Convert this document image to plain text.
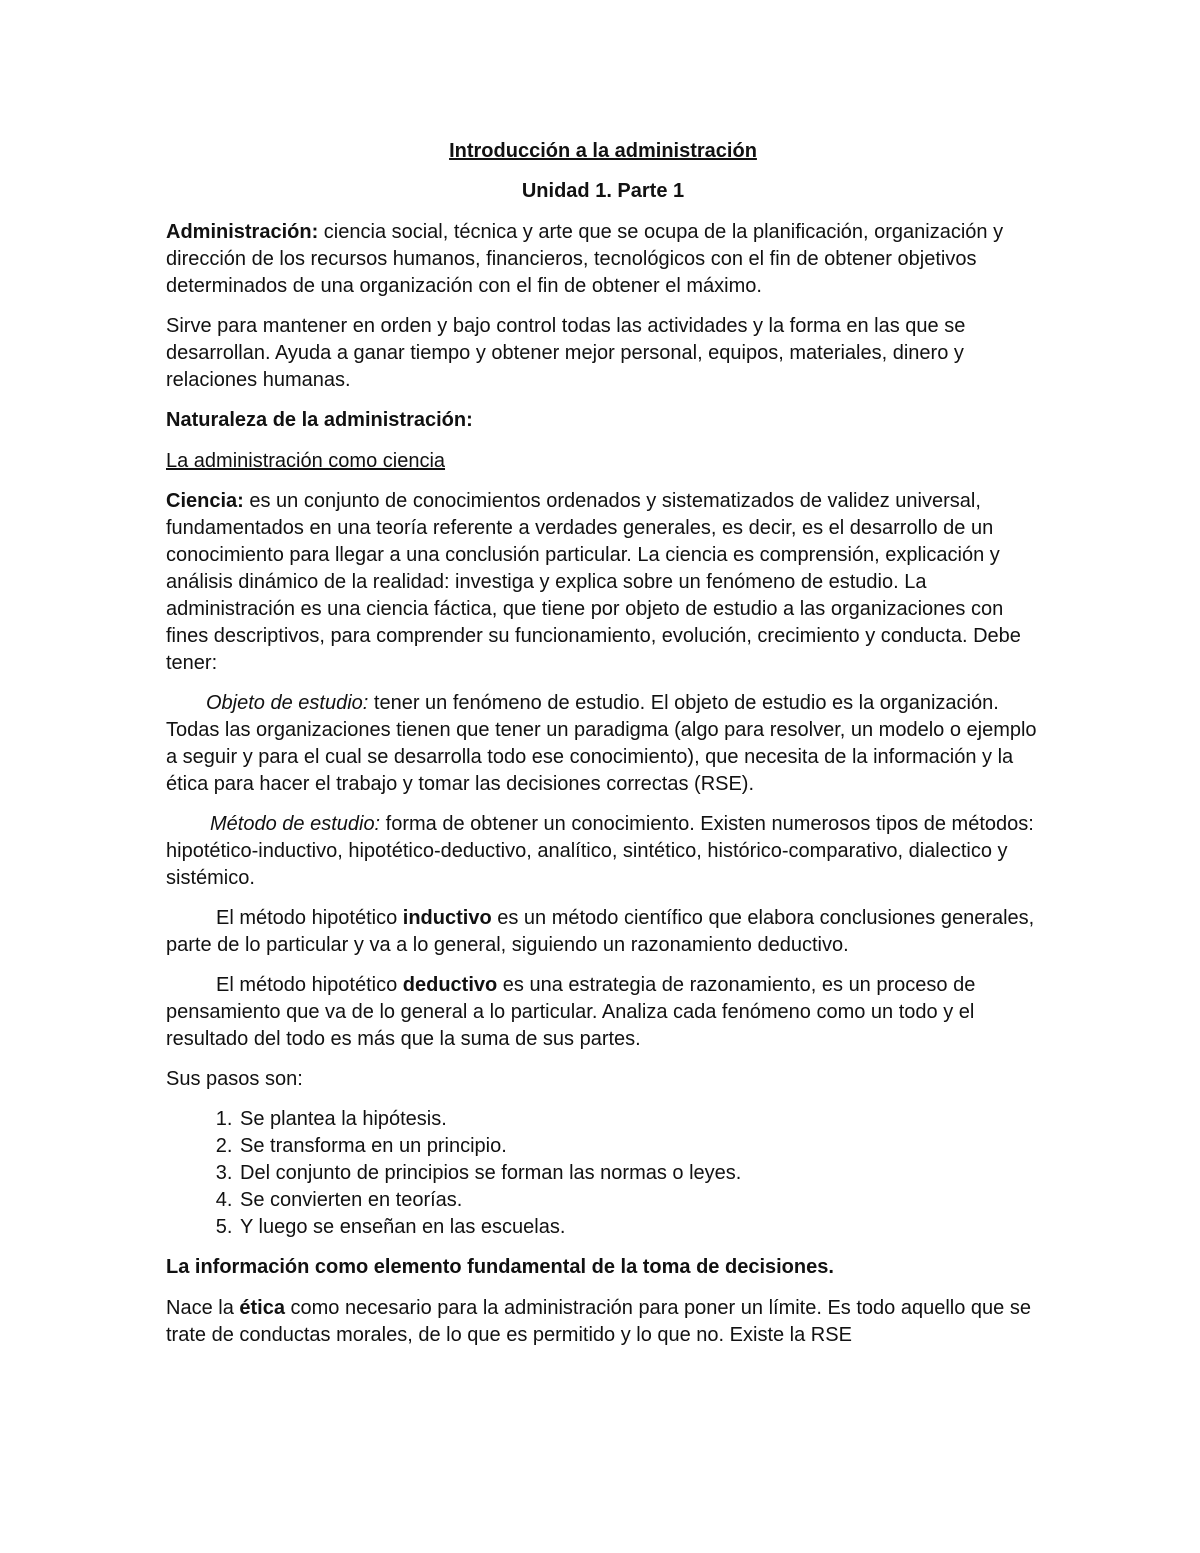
Introducción a la administración
Unidad 1. Parte 1

Administración: ciencia social, técnica y arte que se ocupa de la planificación, organización y dirección de los recursos humanos, financieros, tecnológicos con el fin de obtener objetivos determinados de una organización con el fin de obtener el máximo.

Sirve para mantener en orden y bajo control todas las actividades y la forma en las que se desarrollan. Ayuda a ganar tiempo y obtener mejor personal, equipos, materiales, dinero y relaciones humanas.

Naturaleza de la administración:
La administración como ciencia

Ciencia: es un conjunto de conocimientos ordenados y sistematizados de validez universal, fundamentados en una teoría referente a verdades generales, es decir, es el desarrollo de un conocimiento para llegar a una conclusión particular. La ciencia es comprensión, explicación y análisis dinámico de la realidad: investiga y explica sobre un fenómeno de estudio. La administración es una ciencia fáctica, que tiene por objeto de estudio a las organizaciones con fines descriptivos, para comprender su funcionamiento, evolución, crecimiento y conducta. Debe tener:

Objeto de estudio: tener un fenómeno de estudio. El objeto de estudio es la organización. Todas las organizaciones tienen que tener un paradigma (algo para resolver, un modelo o ejemplo a seguir y para el cual se desarrolla todo ese conocimiento), que necesita de la información y la ética para hacer el trabajo y tomar las decisiones correctas (RSE).

Método de estudio: forma de obtener un conocimiento. Existen numerosos tipos de métodos: hipotético-inductivo, hipotético-deductivo, analítico, sintético, histórico-comparativo, dialectico y sistémico.

El método hipotético inductivo es un método científico que elabora conclusiones generales, parte de lo particular y va a lo general, siguiendo un razonamiento deductivo.

El método hipotético deductivo es una estrategia de razonamiento, es un proceso de pensamiento que va de lo general a lo particular. Analiza cada fenómeno como un todo y el resultado del todo es más que la suma de sus partes.

Sus pasos son:

1. Se plantea la hipótesis.
2. Se transforma en un principio.
3. Del conjunto de principios se forman las normas o leyes.
4. Se convierten en teorías.
5. Y luego se enseñan en las escuelas.
La información como elemento fundamental de la toma de decisiones.

Nace la ética como necesario para la administración para poner un límite. Es todo aquello que se trate de conductas morales, de lo que es permitido y lo que no. Existe la RSE
